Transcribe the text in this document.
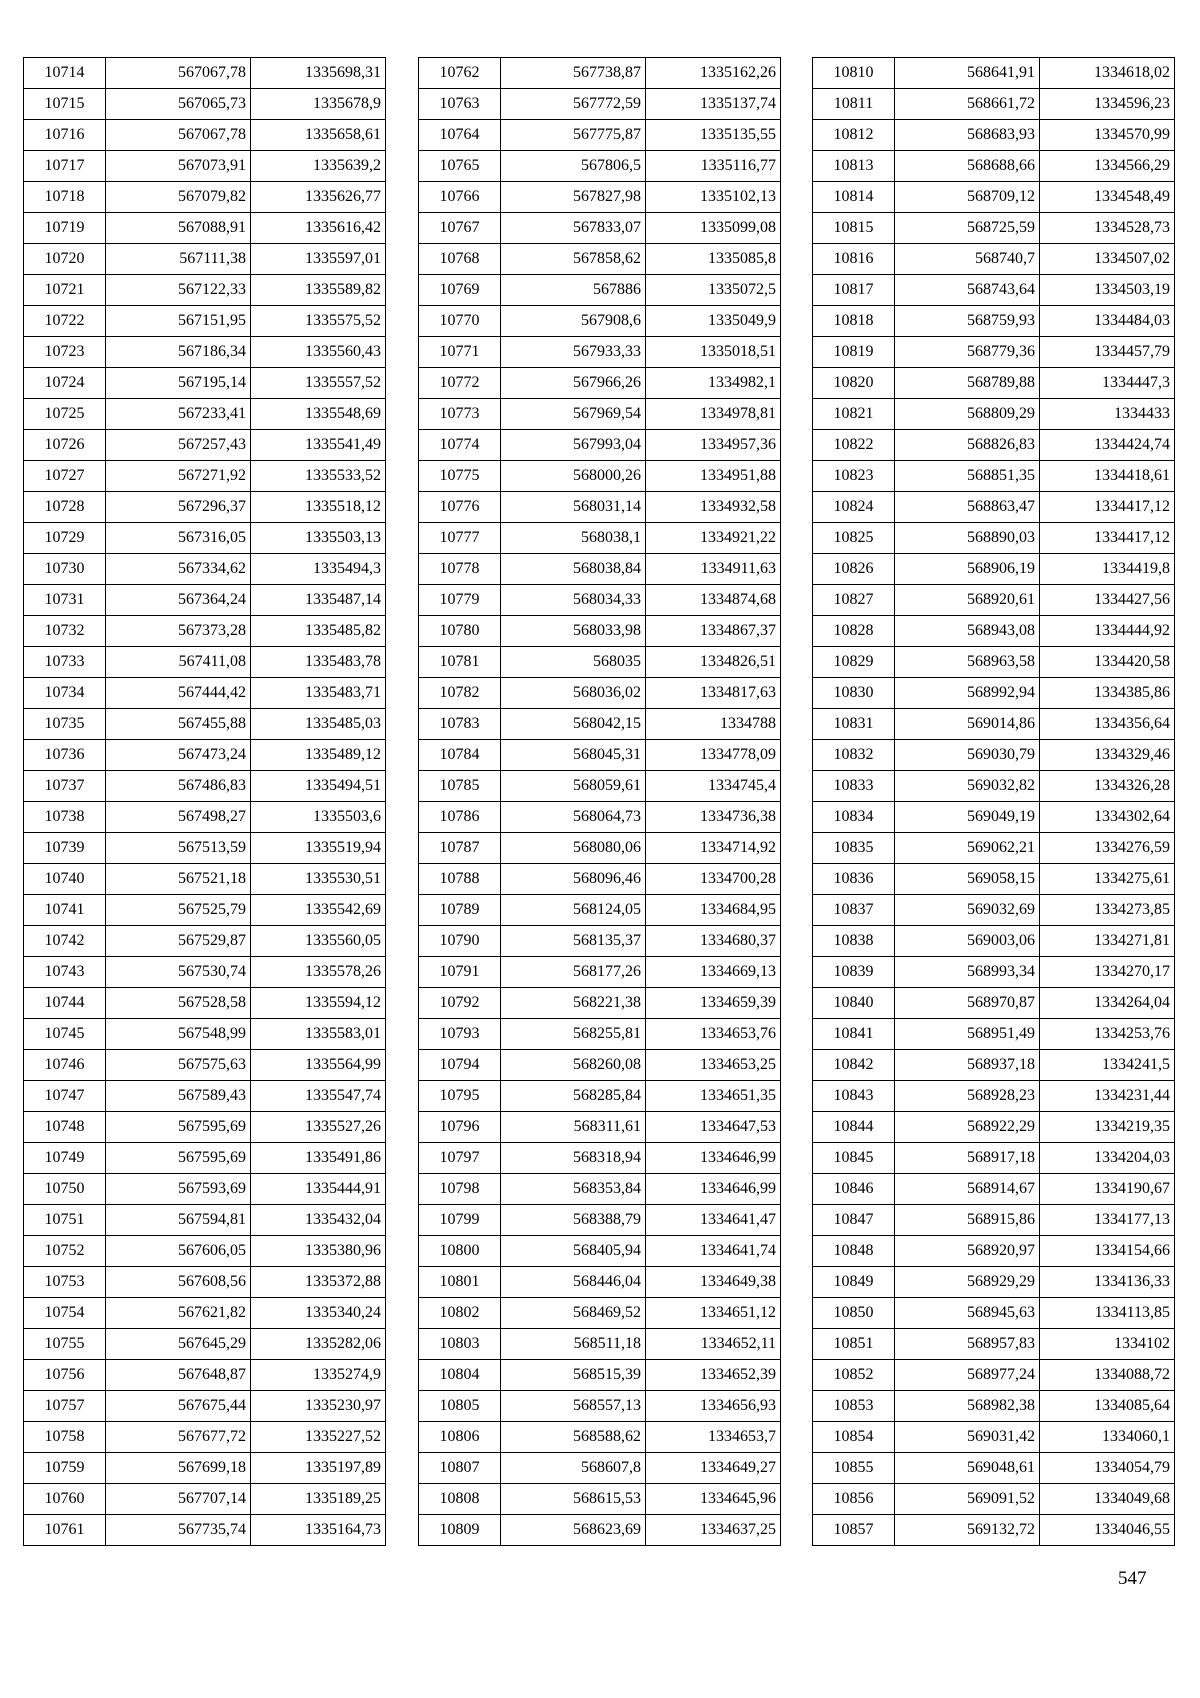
10714	567067,78	1335698,31
10715	567065,73	1335678,9
10716	567067,78	1335658,61
10717	567073,91	1335639,2
10718	567079,82	1335626,77
10719	567088,91	1335616,42
10720	567111,38	1335597,01
10721	567122,33	1335589,82
10722	567151,95	1335575,52
10723	567186,34	1335560,43
10724	567195,14	1335557,52
10725	567233,41	1335548,69
10726	567257,43	1335541,49
10727	567271,92	1335533,52
10728	567296,37	1335518,12
10729	567316,05	1335503,13
10730	567334,62	1335494,3
10731	567364,24	1335487,14
10732	567373,28	1335485,82
10733	567411,08	1335483,78
10734	567444,42	1335483,71
10735	567455,88	1335485,03
10736	567473,24	1335489,12
10737	567486,83	1335494,51
10738	567498,27	1335503,6
10739	567513,59	1335519,94
10740	567521,18	1335530,51
10741	567525,79	1335542,69
10742	567529,87	1335560,05
10743	567530,74	1335578,26
10744	567528,58	1335594,12
10745	567548,99	1335583,01
10746	567575,63	1335564,99
10747	567589,43	1335547,74
10748	567595,69	1335527,26
10749	567595,69	1335491,86
10750	567593,69	1335444,91
10751	567594,81	1335432,04
10752	567606,05	1335380,96
10753	567608,56	1335372,88
10754	567621,82	1335340,24
10755	567645,29	1335282,06
10756	567648,87	1335274,9
10757	567675,44	1335230,97
10758	567677,72	1335227,52
10759	567699,18	1335197,89
10760	567707,14	1335189,25
10761	567735,74	1335164,73
10762	567738,87	1335162,26
10763	567772,59	1335137,74
10764	567775,87	1335135,55
10765	567806,5	1335116,77
10766	567827,98	1335102,13
10767	567833,07	1335099,08
10768	567858,62	1335085,8
10769	567886	1335072,5
10770	567908,6	1335049,9
10771	567933,33	1335018,51
10772	567966,26	1334982,1
10773	567969,54	1334978,81
10774	567993,04	1334957,36
10775	568000,26	1334951,88
10776	568031,14	1334932,58
10777	568038,1	1334921,22
10778	568038,84	1334911,63
10779	568034,33	1334874,68
10780	568033,98	1334867,37
10781	568035	1334826,51
10782	568036,02	1334817,63
10783	568042,15	1334788
10784	568045,31	1334778,09
10785	568059,61	1334745,4
10786	568064,73	1334736,38
10787	568080,06	1334714,92
10788	568096,46	1334700,28
10789	568124,05	1334684,95
10790	568135,37	1334680,37
10791	568177,26	1334669,13
10792	568221,38	1334659,39
10793	568255,81	1334653,76
10794	568260,08	1334653,25
10795	568285,84	1334651,35
10796	568311,61	1334647,53
10797	568318,94	1334646,99
10798	568353,84	1334646,99
10799	568388,79	1334641,47
10800	568405,94	1334641,74
10801	568446,04	1334649,38
10802	568469,52	1334651,12
10803	568511,18	1334652,11
10804	568515,39	1334652,39
10805	568557,13	1334656,93
10806	568588,62	1334653,7
10807	568607,8	1334649,27
10808	568615,53	1334645,96
10809	568623,69	1334637,25
10810	568641,91	1334618,02
10811	568661,72	1334596,23
10812	568683,93	1334570,99
10813	568688,66	1334566,29
10814	568709,12	1334548,49
10815	568725,59	1334528,73
10816	568740,7	1334507,02
10817	568743,64	1334503,19
10818	568759,93	1334484,03
10819	568779,36	1334457,79
10820	568789,88	1334447,3
10821	568809,29	1334433
10822	568826,83	1334424,74
10823	568851,35	1334418,61
10824	568863,47	1334417,12
10825	568890,03	1334417,12
10826	568906,19	1334419,8
10827	568920,61	1334427,56
10828	568943,08	1334444,92
10829	568963,58	1334420,58
10830	568992,94	1334385,86
10831	569014,86	1334356,64
10832	569030,79	1334329,46
10833	569032,82	1334326,28
10834	569049,19	1334302,64
10835	569062,21	1334276,59
10836	569058,15	1334275,61
10837	569032,69	1334273,85
10838	569003,06	1334271,81
10839	568993,34	1334270,17
10840	568970,87	1334264,04
10841	568951,49	1334253,76
10842	568937,18	1334241,5
10843	568928,23	1334231,44
10844	568922,29	1334219,35
10845	568917,18	1334204,03
10846	568914,67	1334190,67
10847	568915,86	1334177,13
10848	568920,97	1334154,66
10849	568929,29	1334136,33
10850	568945,63	1334113,85
10851	568957,83	1334102
10852	568977,24	1334088,72
10853	568982,38	1334085,64
10854	569031,42	1334060,1
10855	569048,61	1334054,79
10856	569091,52	1334049,68
10857	569132,72	1334046,55
547
